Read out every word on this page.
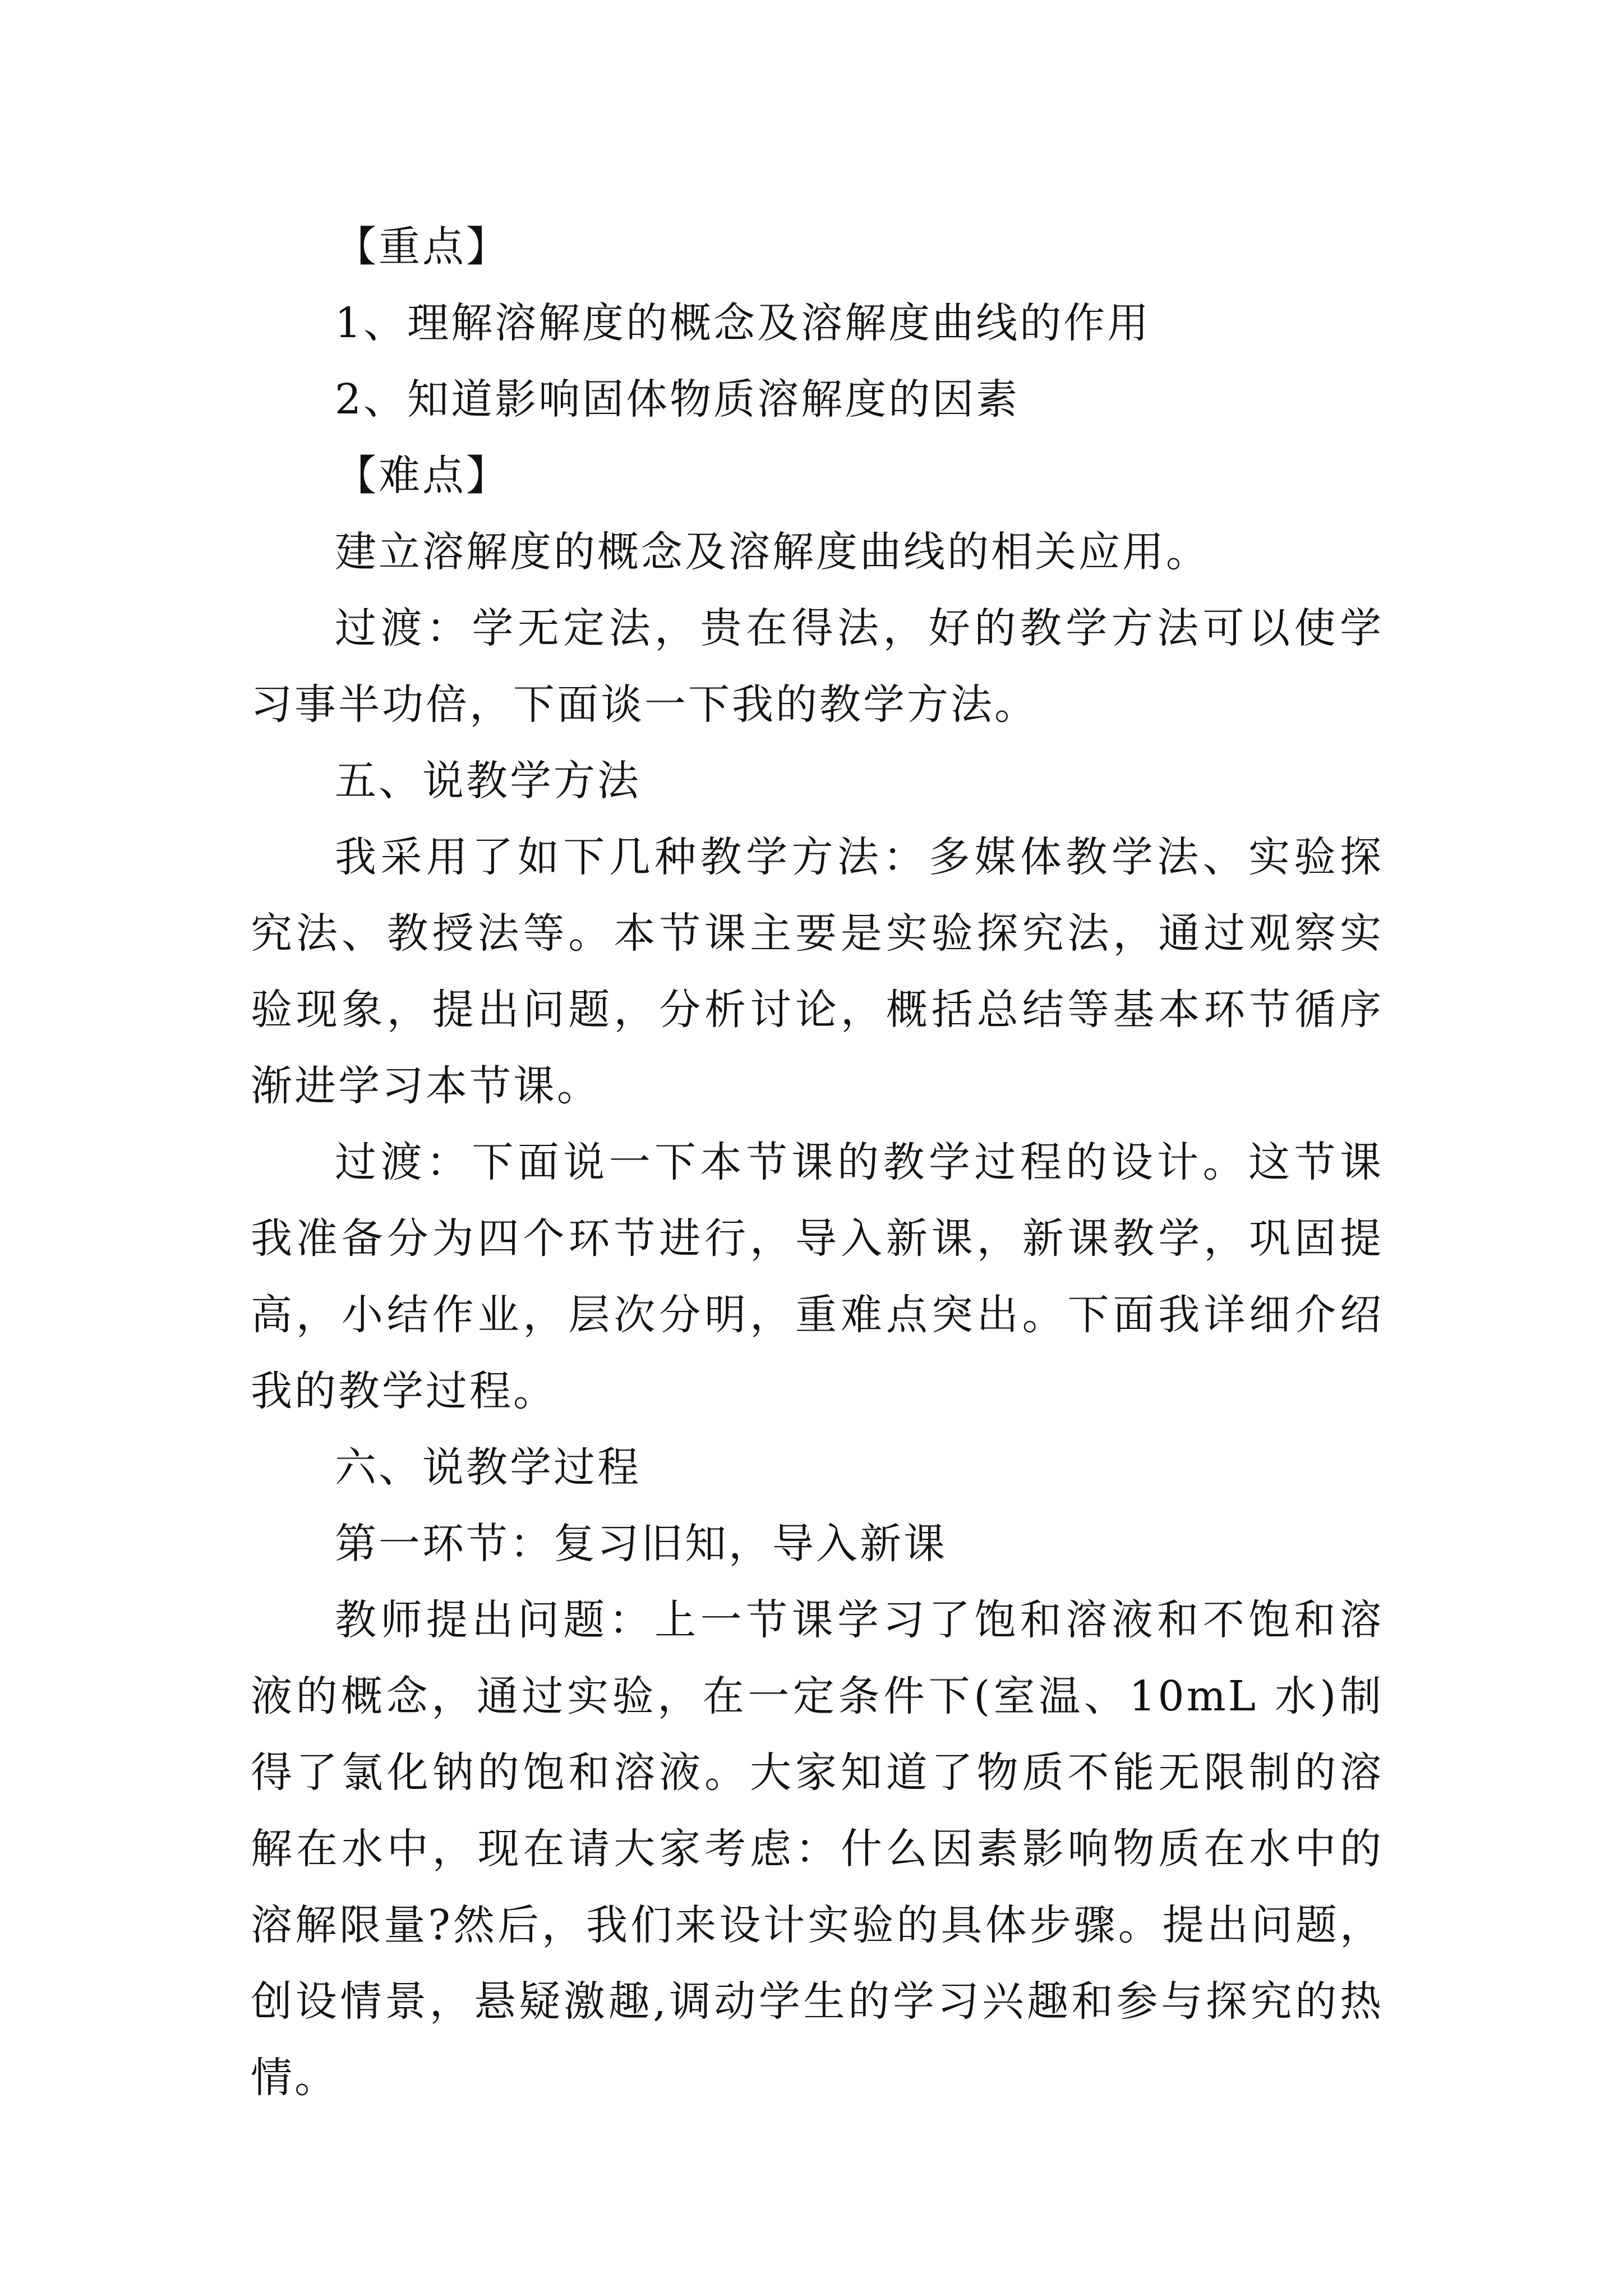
【重点】

1、理解溶解度的概念及溶解度曲线的作用

2、知道影响固体物质溶解度的因素

【难点】

建立溶解度的概念及溶解度曲线的相关应用。

过渡：学无定法，贵在得法，好的教学方法可以使学习事半功倍，下面谈一下我的教学方法。

五、说教学方法

我采用了如下几种教学方法：多媒体教学法、实验探究法、教授法等。本节课主要是实验探究法，通过观察实验现象，提出问题，分析讨论，概括总结等基本环节循序渐进学习本节课。

过渡：下面说一下本节课的教学过程的设计。这节课我准备分为四个环节进行，导入新课，新课教学，巩固提高，小结作业，层次分明，重难点突出。下面我详细介绍我的教学过程。

六、说教学过程

第一环节：复习旧知，导入新课

教师提出问题：上一节课学习了饱和溶液和不饱和溶液的概念，通过实验，在一定条件下(室温、10mL 水)制得了氯化钠的饱和溶液。大家知道了物质不能无限制的溶解在水中，现在请大家考虑：什么因素影响物质在水中的溶解限量?然后，我们来设计实验的具体步骤。提出问题，创设情景，悬疑激趣,调动学生的学习兴趣和参与探究的热情。
